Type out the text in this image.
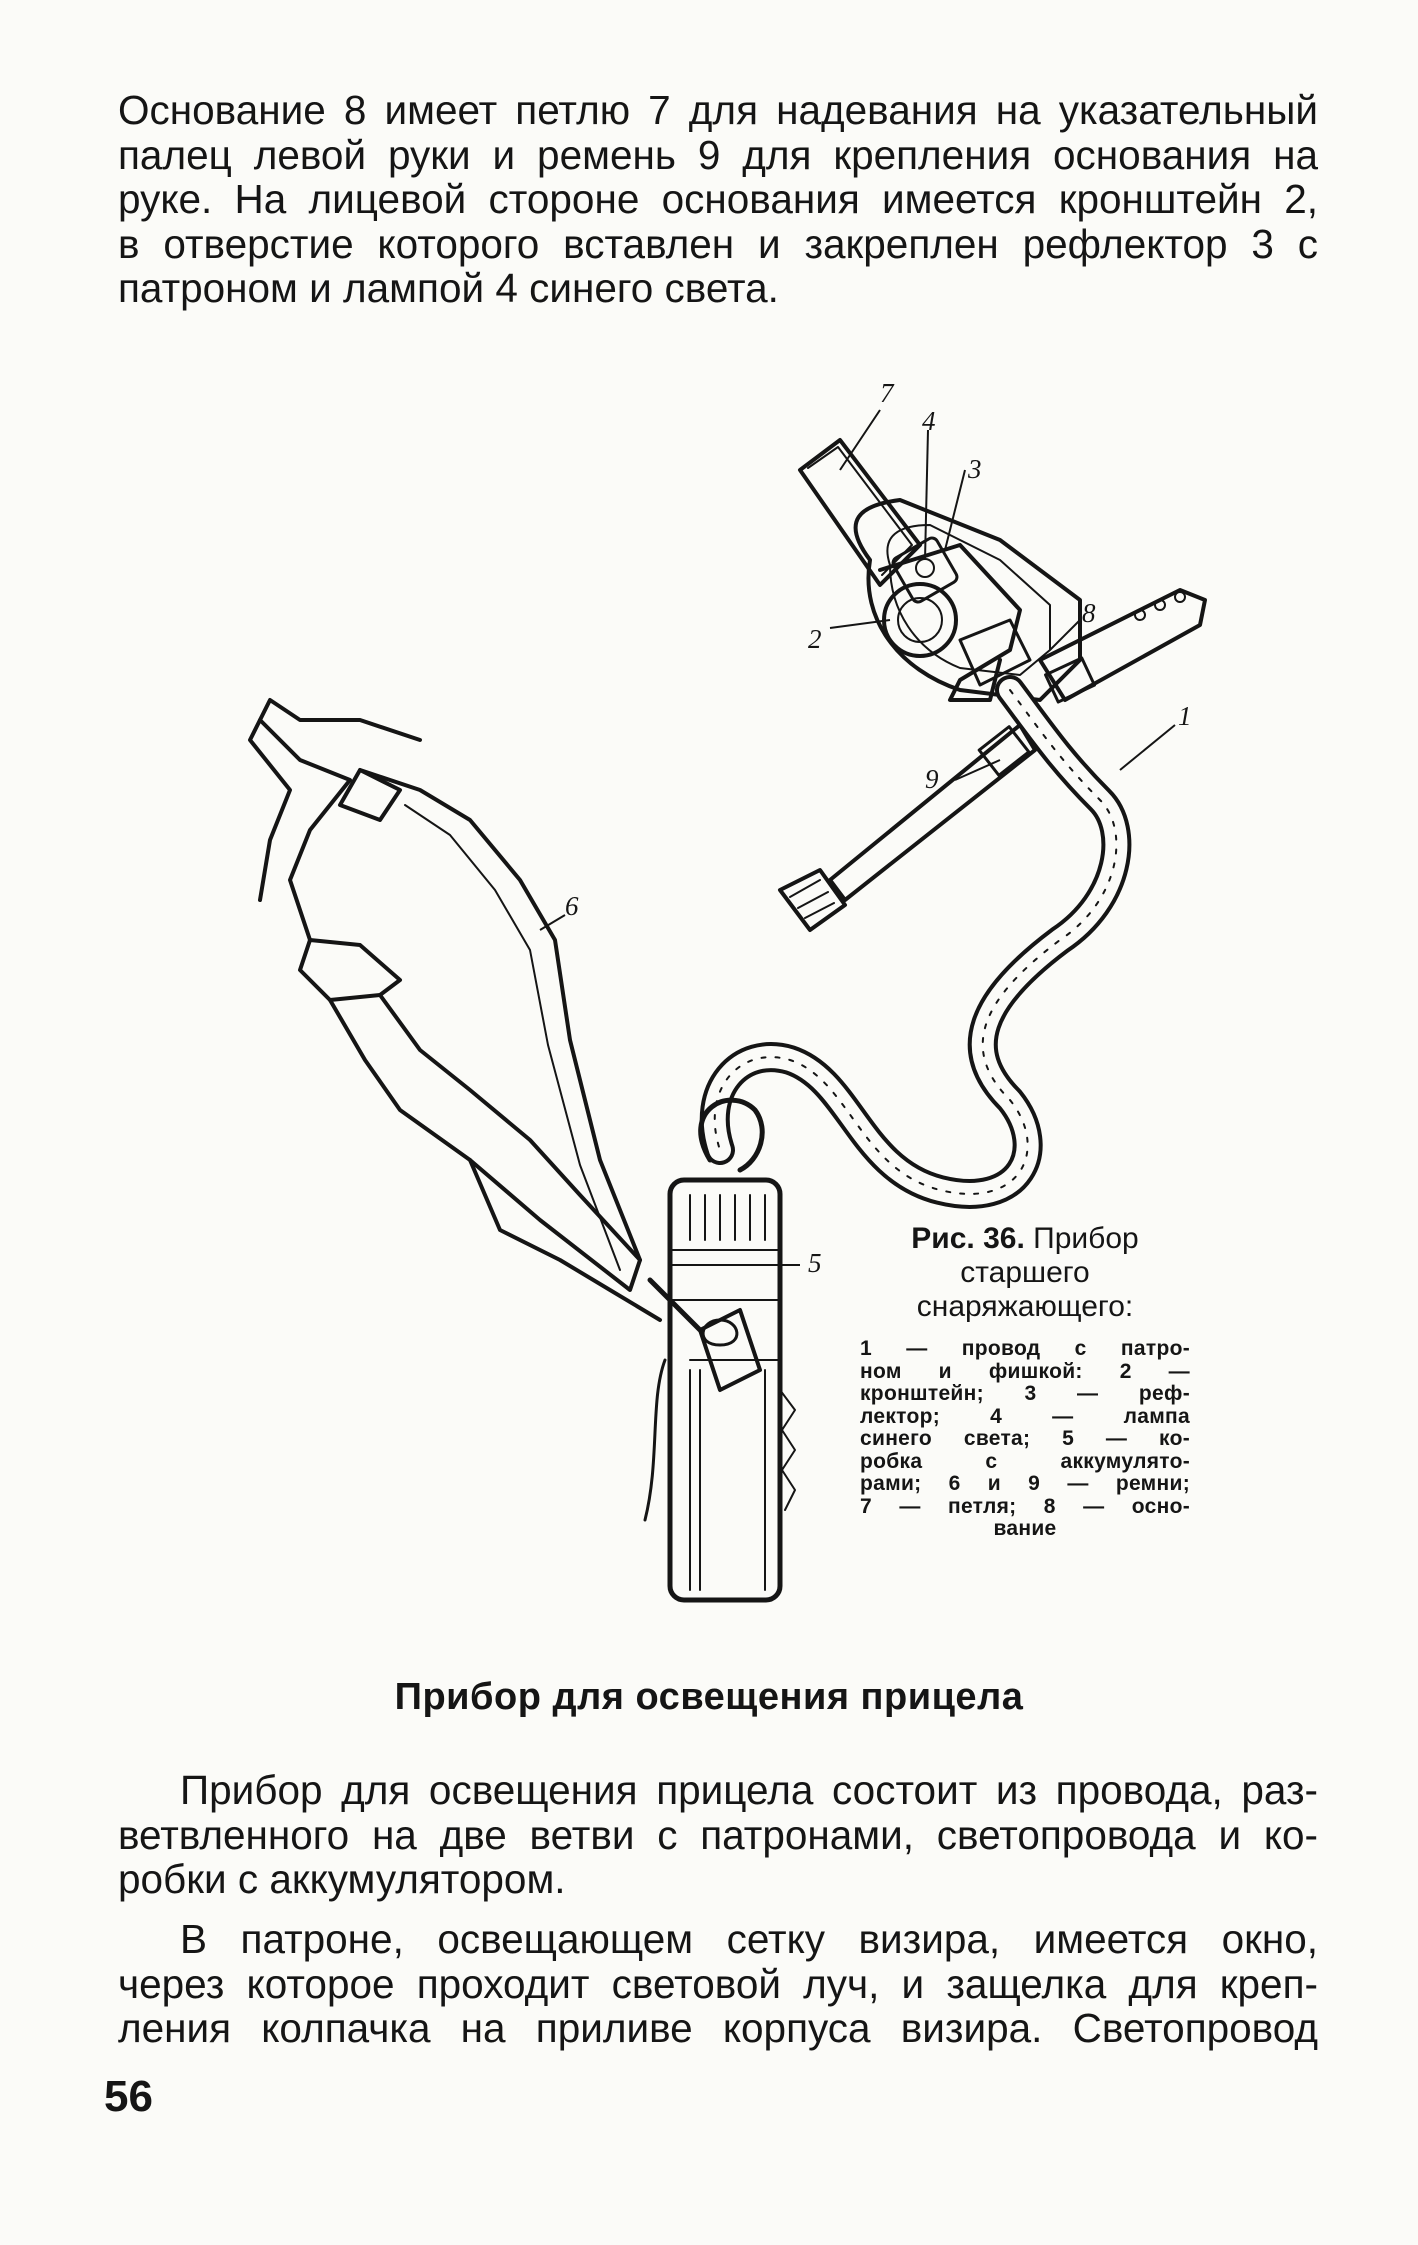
Основание 8 имеет петлю 7 для надевания на указательный
палец левой руки и ремень 9 для крепления основания на
руке. На лицевой стороне основания имеется кронштейн 2,
в отверстие которого вставлен и закреплен рефлектор 3 с
патроном и лампой 4 синего света.
7
4
3
2
8
1
9
6
5
Рис. 36. Прибор старшего снаряжающего:
1 — провод с патро-
ном и фишкой: 2 —
кронштейн; 3 — реф-
лектор; 4 — лампа
синего света; 5 — ко-
робка с аккумулято-
рами; 6 и 9 — ремни;
7 — петля; 8 — осно-
вание
Прибор для освещения прицела
Прибор для освещения прицела состоит из провода, раз-
ветвленного на две ветви с патронами, светопровода и ко-
робки с аккумулятором.
В патроне, освещающем сетку визира, имеется окно,
через которое проходит световой луч, и защелка для креп-
ления колпачка на приливе корпуса визира. Светопровод
56
